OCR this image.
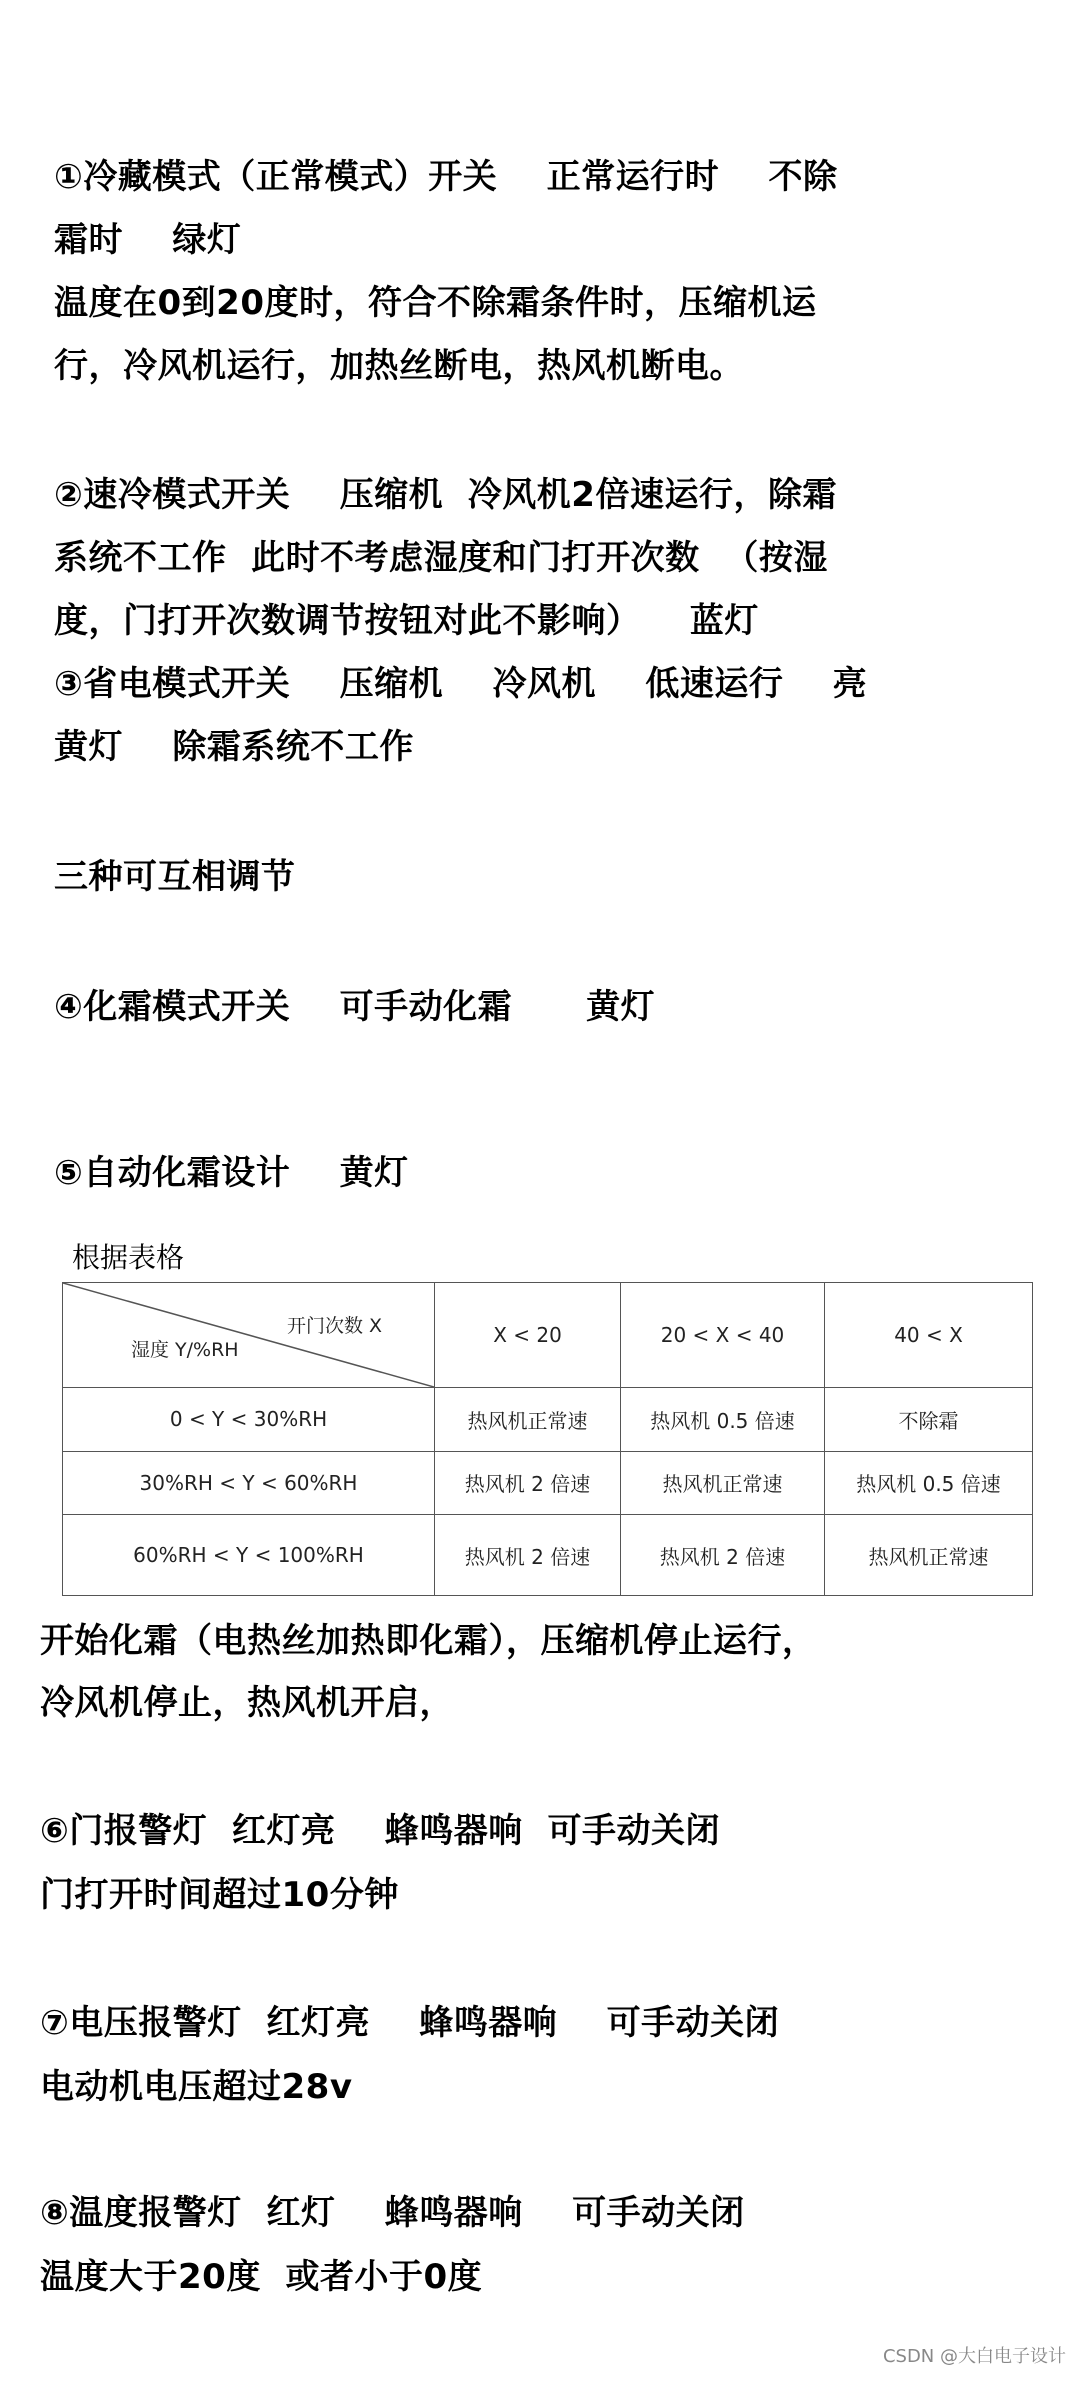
①冷藏模式（正常模式）开关    正常运行时    不除
霜时    绿灯
温度在0到20度时，符合不除霜条件时，压缩机运
行，冷风机运行，加热丝断电，热风机断电。
②速冷模式开关    压缩机  冷风机2倍速运行，除霜
系统不工作  此时不考虑湿度和门打开次数  （按湿
度，门打开次数调节按钮对此不影响）    蓝灯
③省电模式开关    压缩机    冷风机    低速运行    亮
黄灯    除霜系统不工作
三种可互相调节
④化霜模式开关    可手动化霜      黄灯
⑤自动化霜设计    黄灯
根据表格
开门次数 X
湿度 Y/%RH	X < 20	20 < X < 40	40 < X
0 < Y < 30%RH	热风机正常速	热风机 0.5 倍速	不除霜
30%RH < Y < 60%RH	热风机 2 倍速	热风机正常速	热风机 0.5 倍速
60%RH < Y < 100%RH	热风机 2 倍速	热风机 2 倍速	热风机正常速
开始化霜（电热丝加热即化霜），压缩机停止运行，
冷风机停止，热风机开启，
⑥门报警灯  红灯亮    蜂鸣器响  可手动关闭
门打开时间超过10分钟
⑦电压报警灯  红灯亮    蜂鸣器响    可手动关闭
电动机电压超过28v
⑧温度报警灯  红灯    蜂鸣器响    可手动关闭
温度大于20度  或者小于0度
CSDN @大白电子设计
